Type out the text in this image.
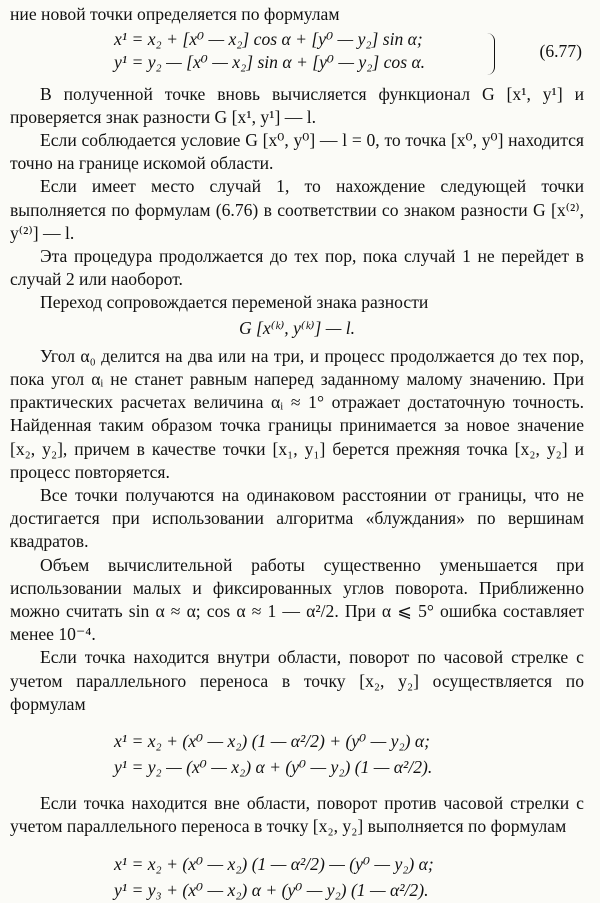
ние новой точки определяется по формулам

x¹ = x₂ + [x⁰ — x₂] cos α + [y⁰ — y₂] sin α;
y¹ = y₂ — [x⁰ — x₂] sin α + [y⁰ — y₂] cos α.
(6.77)

В полученной точке вновь вычисляется функционал G [x¹, y¹] и проверяется знак разности G [x¹, y¹] — l.

Если соблюдается условие G [x⁰, y⁰] — l = 0, то точка [x⁰, y⁰] находится точно на границе искомой области.

Если имеет место случай 1, то нахождение следующей точки выполняется по формулам (6.76) в соответствии со знаком разности G [x⁽²⁾, y⁽²⁾] — l.

Эта процедура продолжается до тех пор, пока случай 1 не перейдет в случай 2 или наоборот.

Переход сопровождается переменой знака разности

G [x⁽ᵏ⁾, y⁽ᵏ⁾] — l.

Угол α₀ делится на два или на три, и процесс продолжается до тех пор, пока угол αᵢ не станет равным наперед заданному малому значению. При практических расчетах величина αᵢ ≈ 1° отражает достаточную точность. Найденная таким образом точка границы принимается за новое значение [x₂, y₂], причем в качестве точки [x₁, y₁] берется прежняя точка [x₂, y₂] и процесс повторяется.

Все точки получаются на одинаковом расстоянии от границы, что не достигается при использовании алгоритма «блуждания» по вершинам квадратов.

Объем вычислительной работы существенно уменьшается при использовании малых и фиксированных углов поворота. Приближенно можно считать sin α ≈ α; cos α ≈ 1 — α²/2. При α ⩽ 5° ошибка составляет менее 10⁻⁴.

Если точка находится внутри области, поворот по часовой стрелке с учетом параллельного переноса в точку [x₂, y₂] осуществляется по формулам

x¹ = x₂ + (x⁰ — x₂) (1 — α²/2) + (y⁰ — y₂) α;
y¹ = y₂ — (x⁰ — x₂) α + (y⁰ — y₂) (1 — α²/2).

Если точка находится вне области, поворот против часовой стрелки с учетом параллельного переноса в точку [x₂, y₂] выполняется по формулам

x¹ = x₂ + (x⁰ — x₂) (1 — α²/2) — (y⁰ — y₂) α;
y¹ = y₃ + (x⁰ — x₂) α + (y⁰ — y₂) (1 — α²/2).
